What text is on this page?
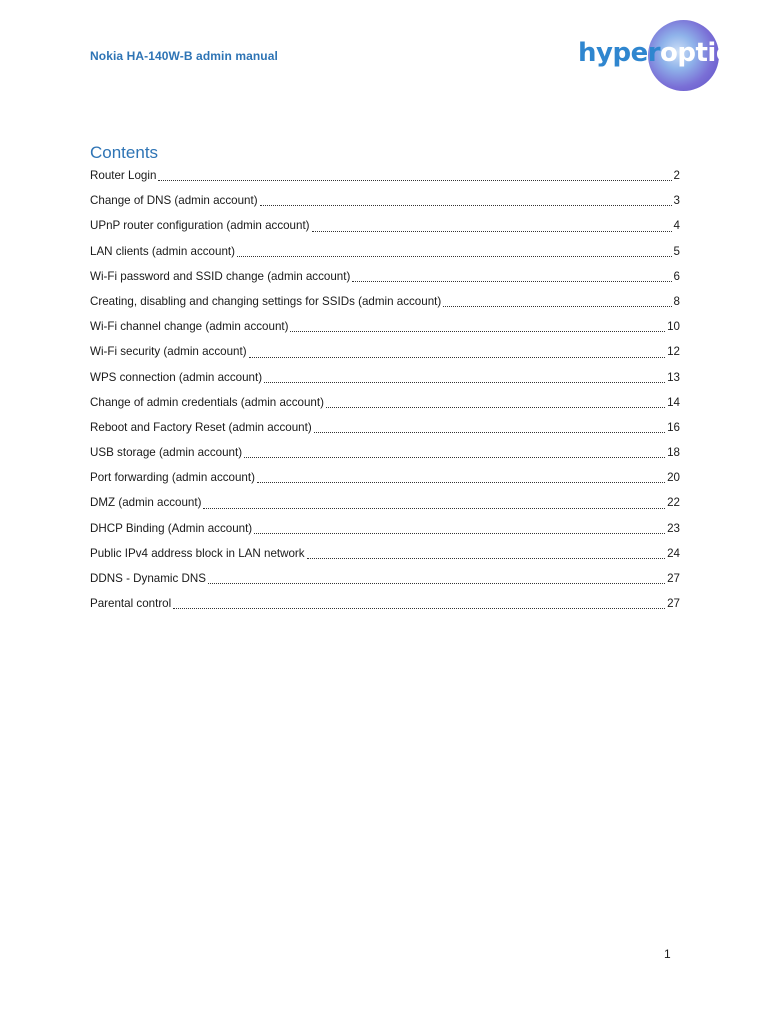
Nokia HA-140W-B admin manual	hyperoptic
Contents
Router Login	2
Change of DNS (admin account)	3
UPnP router configuration (admin account)	4
LAN clients (admin account)	5
Wi-Fi password and SSID change (admin account)	6
Creating, disabling and changing settings for SSIDs (admin account)	8
Wi-Fi channel change (admin account)	10
Wi-Fi security (admin account)	12
WPS connection (admin account)	13
Change of admin credentials (admin account)	14
Reboot and Factory Reset (admin account)	16
USB storage (admin account)	18
Port forwarding (admin account)	20
DMZ (admin account)	22
DHCP Binding (Admin account)	23
Public IPv4 address block in LAN network	24
DDNS - Dynamic DNS	27
Parental control	27
1
